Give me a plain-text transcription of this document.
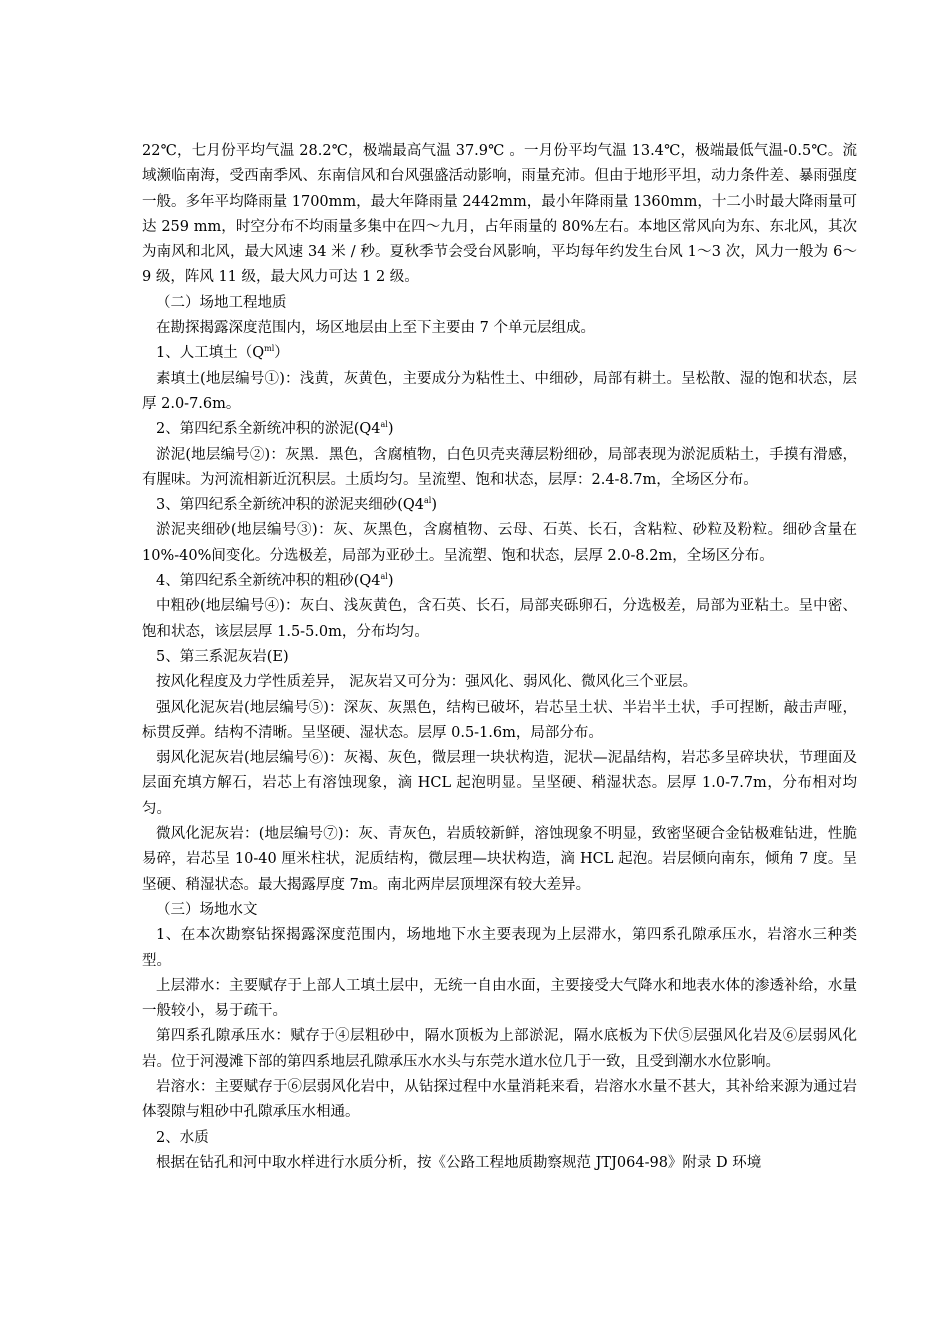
22℃，七月份平均气温 28.2℃，极端最高气温 37.9℃ 。一月份平均气温 13.4℃，极端最低气温-0.5℃。流域濒临南海，受西南季风、东南信风和台风强盛活动影响，雨量充沛。但由于地形平坦，动力条件差、暴雨强度一般。多年平均降雨量 1700mm，最大年降雨量 2442mm，最小年降雨量 1360mm，十二小时最大降雨量可达 259 mm，时空分布不均雨量多集中在四～九月，占年雨量的 80%左右。本地区常风向为东、东北风，其次为南风和北风，最大风速 34 米 / 秒。夏秋季节会受台风影响，平均每年约发生台风 1～3 次，风力一般为 6～9 级，阵风 11 级，最大风力可达 1 2 级。

（二）场地工程地质

在勘探揭露深度范围内，场区地层由上至下主要由 7 个单元层组成。

1、人工填土$(Q^{ml})$

素填土(地层编号①)：浅黄，灰黄色，主要成分为粘性土、中细砂，局部有耕土。呈松散、湿的饱和状态，层厚 2.0-7.6m。

2、第四纪系全新统冲积的淤泥$(Q4^{al})$

淤泥(地层编号②)：灰黑．黑色，含腐植物，白色贝壳夹薄层粉细砂，局部表现为淤泥质粘土，手摸有滑感，有腥味。为河流相新近沉积层。土质均匀。呈流塑、饱和状态，层厚：2.4-8.7m，全场区分布。

3、第四纪系全新统冲积的淤泥夹细砂$(Q4^{al})$

淤泥夹细砂(地层编号③)：灰、灰黑色，含腐植物、云母、石英、长石，含粘粒、砂粒及粉粒。细砂含量在 10%-40%间变化。分选极差，局部为亚砂土。呈流塑、饱和状态，层厚 2.0-8.2m，全场区分布。

4、第四纪系全新统冲积的粗砂$(Q4^{al})$

中粗砂(地层编号④)：灰白、浅灰黄色，含石英、长石，局部夹砾卵石，分选极差，局部为亚粘土。呈中密、饱和状态，该层层厚 1.5-5.0m，分布均匀。

5、第三系泥灰岩(E)

按风化程度及力学性质差异， 泥灰岩又可分为：强风化、弱风化、微风化三个亚层。

强风化泥灰岩(地层编号⑤)：深灰、灰黑色，结构已破坏，岩芯呈土状、半岩半土状，手可捏断，敲击声哑，标贯反弹。结构不清晰。呈坚硬、湿状态。层厚 0.5-1.6m，局部分布。

弱风化泥灰岩(地层编号⑥)：灰褐、灰色，微层理一块状构造，泥状—泥晶结构，岩芯多呈碎块状，节理面及层面充填方解石，岩芯上有溶蚀现象，滴 HCL 起泡明显。呈坚硬、稍湿状态。层厚 1.0-7.7m，分布相对均匀。

微风化泥灰岩：(地层编号⑦)：灰、青灰色，岩质较新鲜，溶蚀现象不明显，致密坚硬合金钻极难钻进，性脆易碎，岩芯呈 10-40 厘米柱状，泥质结构，微层理—块状构造，滴 HCL 起泡。岩层倾向南东，倾角 7 度。呈坚硬、稍湿状态。最大揭露厚度 7m。南北两岸层顶埋深有较大差异。

（三）场地水文

1、在本次勘察钻探揭露深度范围内，场地地下水主要表现为上层滞水，第四系孔隙承压水，岩溶水三种类型。

上层滞水：主要赋存于上部人工填土层中，无统一自由水面，主要接受大气降水和地表水体的渗透补给，水量一般较小，易于疏干。

第四系孔隙承压水：赋存于④层粗砂中，隔水顶板为上部淤泥，隔水底板为下伏⑤层强风化岩及⑥层弱风化岩。位于河漫滩下部的第四系地层孔隙承压水水头与东莞水道水位几于一致，且受到潮水水位影响。

岩溶水：主要赋存于⑥层弱风化岩中，从钻探过程中水量消耗来看，岩溶水水量不甚大，其补给来源为通过岩体裂隙与粗砂中孔隙承压水相通。

2、水质

根据在钻孔和河中取水样进行水质分析，按《公路工程地质勘察规范 JTJ064-98》附录 D 环境
